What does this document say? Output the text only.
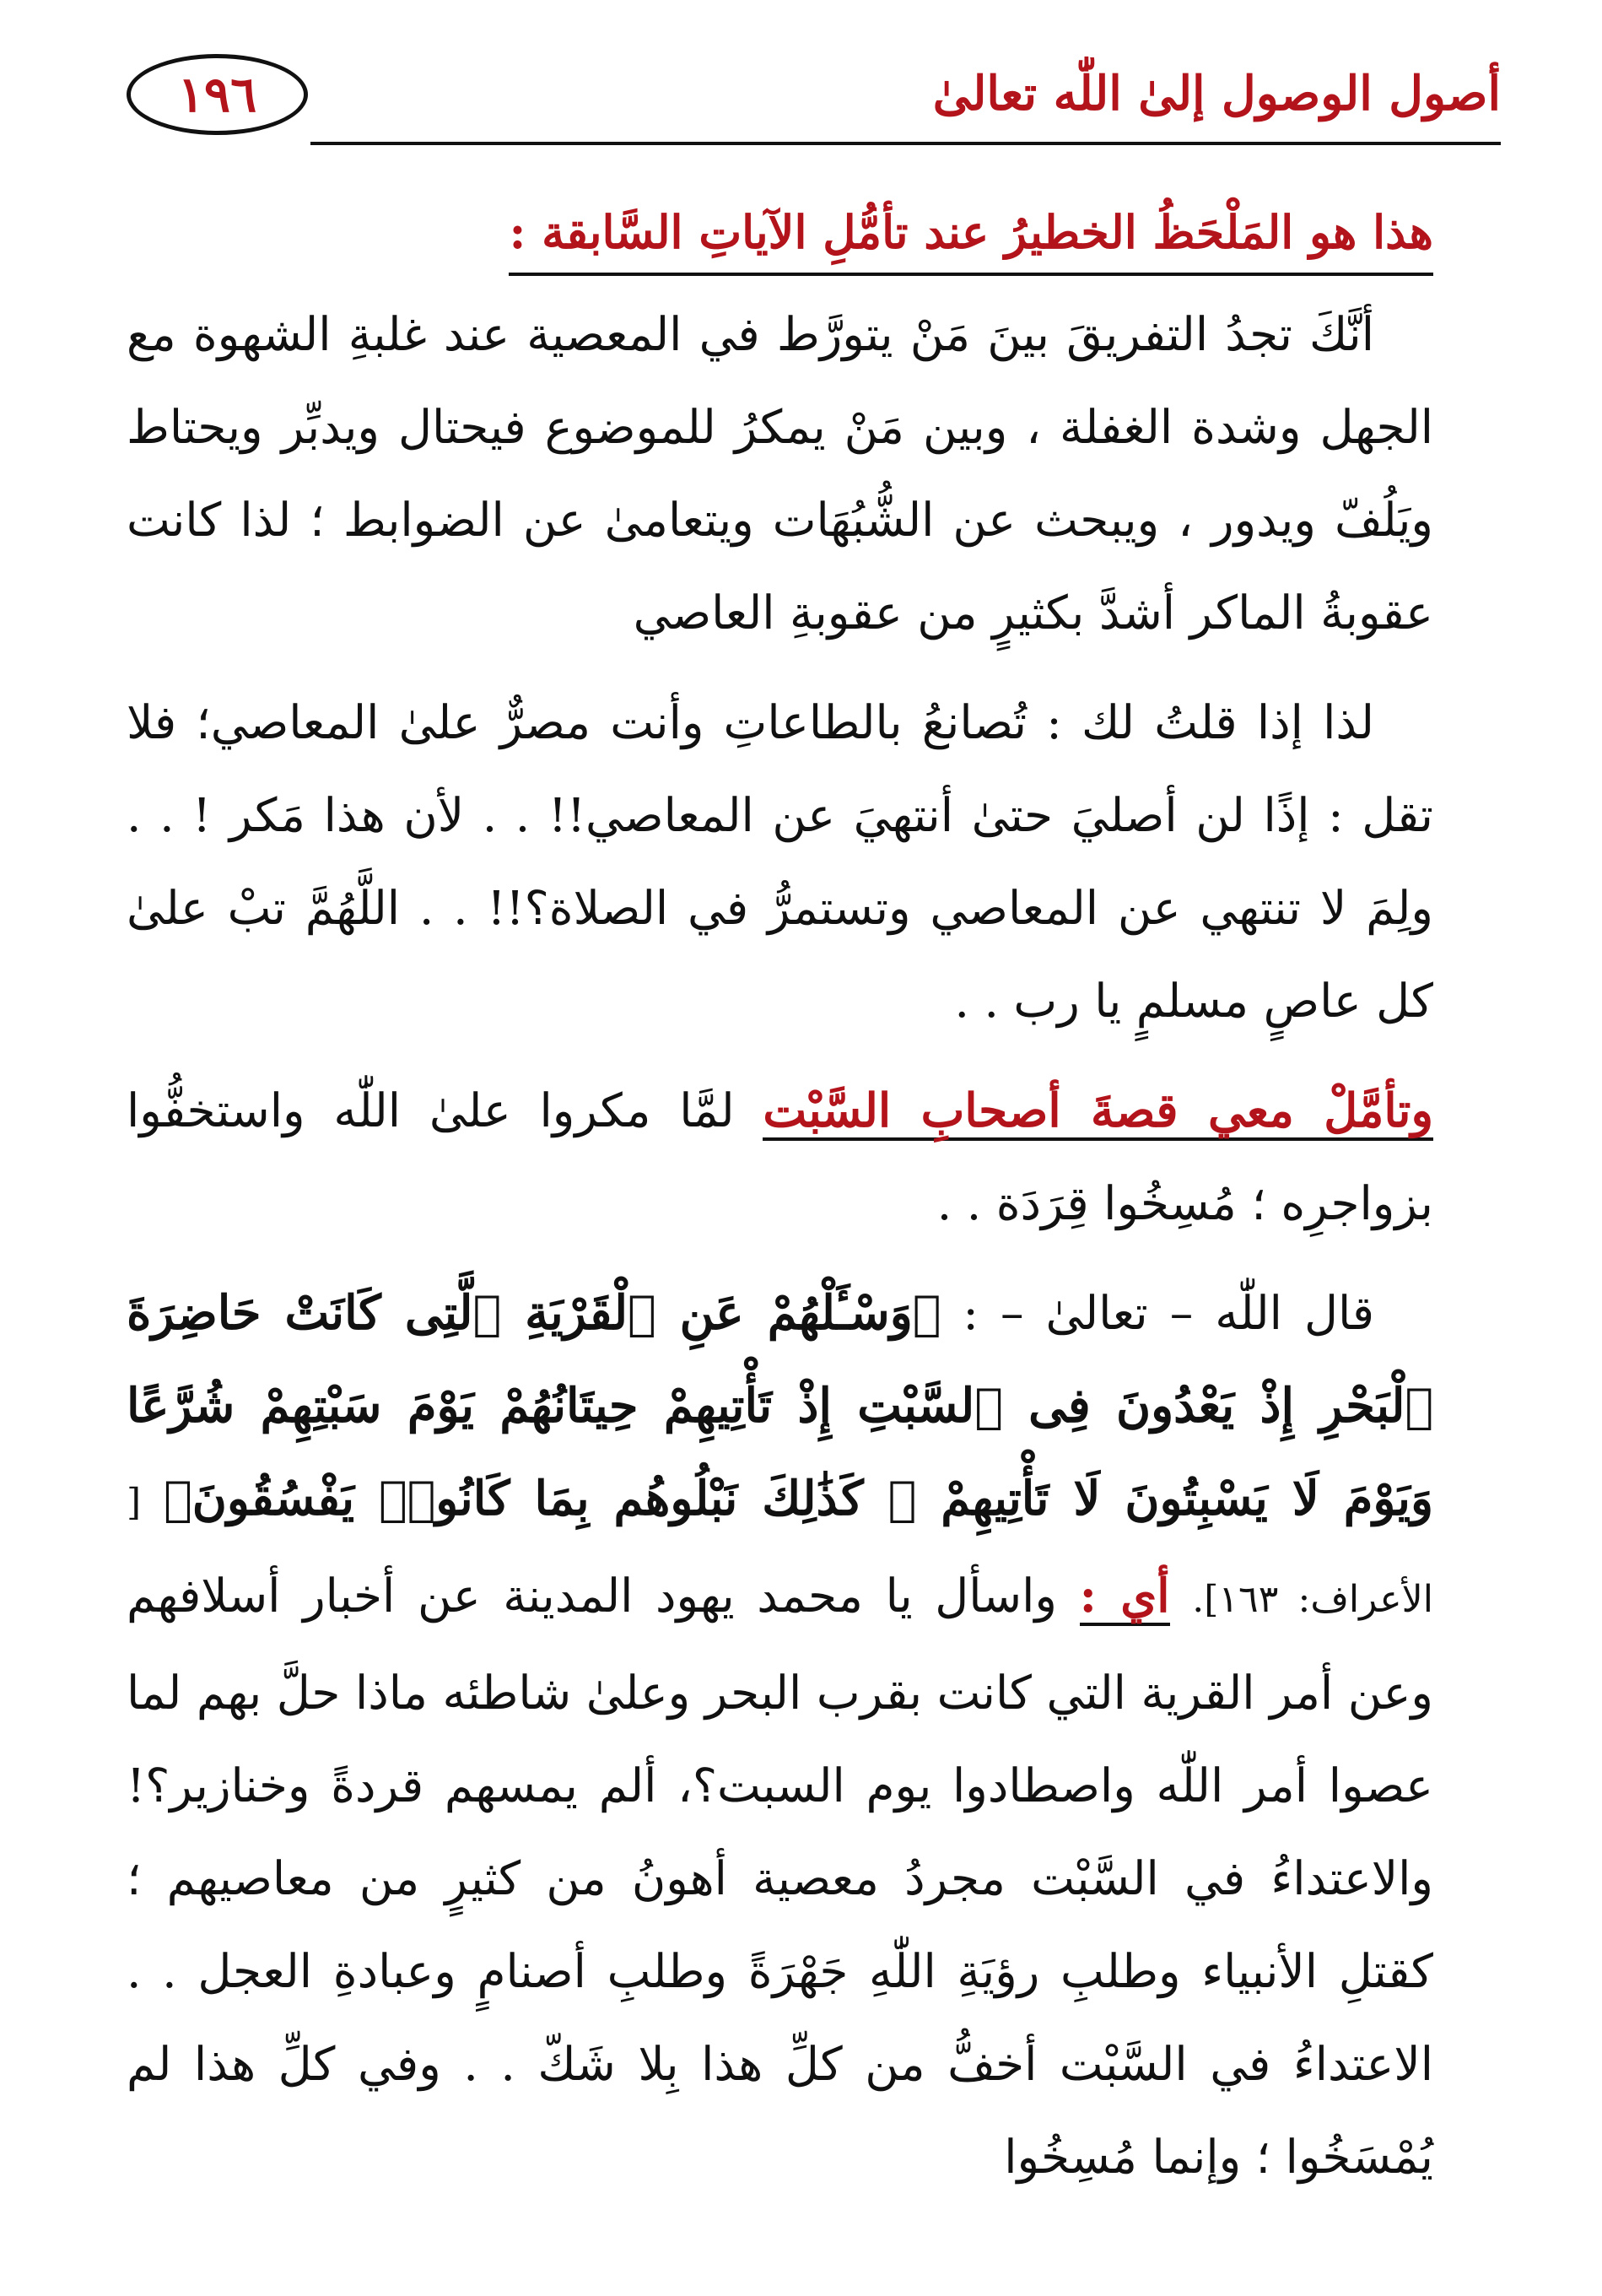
١٩٦	أصول الوصول إلىٰ اللّٰه تعالىٰ
هذا هو المَلْحَظُ الخطيرُ عند تأمُّلِ الآياتِ السَّابقة :

أنَّكَ تجدُ التفريقَ بينَ مَنْ يتورَّط في المعصية عند غلبةِ الشهوة مع الجهل وشدة الغفلة ، وبين مَنْ يمكرُ للموضوع فيحتال ويدبِّر ويحتاط ويَلُفّ ويدور ، ويبحث عن الشُّبُهَات ويتعامىٰ عن الضوابط ؛ لذا كانت عقوبةُ الماكر أشدَّ بكثيرٍ من عقوبةِ العاصي

لذا إذا قلتُ لك : تُصانعُ بالطاعاتِ وأنت مصرٌّ علىٰ المعاصي؛ فلا تقل : إذًا لن أصليَ حتىٰ أنتهيَ عن المعاصي!! . . لأن هذا مَكر ! . . ولِمَ لا تنتهي عن المعاصي وتستمرُّ في الصلاة؟!! . . اللَّهُمَّ تبْ علىٰ كل عاصٍ مسلمٍ يا رب . .

وتأمَّلْ معي قصةَ أصحابِ السَّبْت لمَّا مكروا علىٰ اللّٰه واستخفُّوا بزواجرِه ؛ مُسِخُوا قِرَدَة . .

قال اللّٰه – تعالىٰ – : ﴿وَسْـَٔلْهُمْ عَنِ ٱلْقَرْيَةِ ٱلَّتِى كَانَتْ حَاضِرَةَ ٱلْبَحْرِ إِذْ يَعْدُونَ فِى ٱلسَّبْتِ إِذْ تَأْتِيهِمْ حِيتَانُهُمْ يَوْمَ سَبْتِهِمْ شُرَّعًا وَيَوْمَ لَا يَسْبِتُونَ لَا تَأْتِيهِمْ ۚ كَذَٰلِكَ نَبْلُوهُم بِمَا كَانُوا۟ يَفْسُقُونَ﴾ [ الأعراف: ١٦٣]. أي : واسأل يا محمد يهود المدينة عن أخبار أسلافهم وعن أمر القرية التي كانت بقرب البحر وعلىٰ شاطئه ماذا حلَّ بهم لما عصوا أمر اللّٰه واصطادوا يوم السبت؟، ألم يمسهم قردةً وخنازير؟! والاعتداءُ في السَّبْت مجردُ معصية أهونُ من كثيرٍ من معاصيهم ؛ كقتلِ الأنبياء وطلبِ رؤيَةِ اللّٰهِ جَهْرَةً وطلبِ أصنامٍ وعبادةِ العجل . . الاعتداءُ في السَّبْت أخفُّ من كلِّ هذا بِلا شَكّ . . وفي كلِّ هذا لم يُمْسَخُوا ؛ وإنما مُسِخُوا
